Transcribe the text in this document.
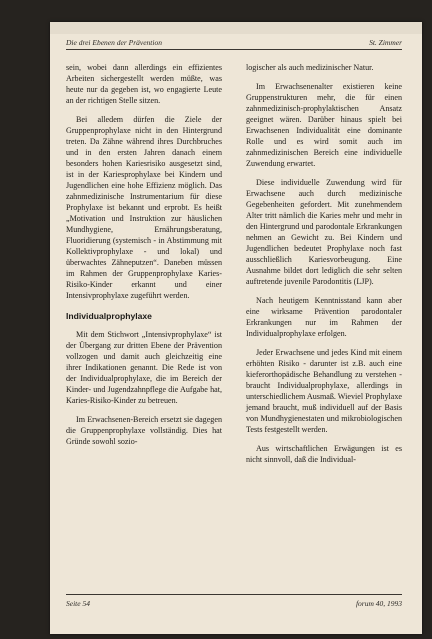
Die drei Ebenen der Prävention	St. Zimmer

sein, wobei dann allerdings ein effizientes Arbeiten sichergestellt werden müßte, was heute nur da gegeben ist, wo engagierte Leute an der richtigen Stelle sitzen.

Bei alledem dürfen die Ziele der Gruppenprophylaxe nicht in den Hintergrund treten. Da Zähne während ihres Durchbruches und in den ersten Jahren danach einem besonders hohen Kariesrisiko ausgesetzt sind, ist in der Kariesprophylaxe bei Kindern und Jugendlichen eine hohe Effizienz möglich. Das zahnmedizinische Instrumentarium für diese Prophylaxe ist bekannt und erprobt. Es heißt „Motivation und Instruktion zur häuslichen Mundhygiene, Ernährungsberatung, Fluoridierung (systemisch - in Abstimmung mit Kollektivprophylaxe - und lokal) und überwachtes Zähneputzen“. Daneben müssen im Rahmen der Gruppenprophylaxe Karies-Risiko-Kinder erkannt und einer Intensivprophylaxe zugeführt werden.

Individualprophylaxe

Mit dem Stichwort „Intensivprophylaxe“ ist der Übergang zur dritten Ebene der Prävention vollzogen und damit auch gleichzeitig eine ihrer Indikationen genannt. Die Rede ist von der Individualprophylaxe, die im Bereich der Kinder- und Jugendzahnpflege die Aufgabe hat, Karies-Risiko-Kinder zu betreuen.

Im Erwachsenen-Bereich ersetzt sie dagegen die Gruppenprophylaxe vollständig. Dies hat Gründe sowohl sozio-

logischer als auch medizinischer Natur.

Im Erwachsenenalter existieren keine Gruppenstrukturen mehr, die für einen zahnmedizinisch-prophylaktischen Ansatz geeignet wären. Darüber hinaus spielt bei Erwachsenen Individualität eine dominante Rolle und es wird somit auch im zahnmedizinischen Bereich eine individuelle Zuwendung erwartet.

Diese individuelle Zuwendung wird für Erwachsene auch durch medizinische Gegebenheiten gefordert. Mit zunehmendem Alter tritt nämlich die Karies mehr und mehr in den Hintergrund und parodontale Erkrankungen nehmen an Gewicht zu. Bei Kindern und Jugendlichen bedeutet Prophylaxe noch fast ausschließlich Kariesvorbeugung. Eine Ausnahme bildet dort lediglich die sehr selten auftretende juvenile Parodontitis (LJP).

Nach heutigem Kenntnisstand kann aber eine wirksame Prävention parodontaler Erkrankungen nur im Rahmen der Individualprophylaxe erfolgen.

Jeder Erwachsene und jedes Kind mit einem erhöhten Risiko - darunter ist z.B. auch eine kieferorthopädische Behandlung zu verstehen - braucht Individualprophylaxe, allerdings in unterschiedlichem Ausmaß. Wieviel Prophylaxe jemand braucht, muß individuell auf der Basis von Mundhygienestaten und mikrobiologischen Tests festgestellt werden.

Aus wirtschaftlichen Erwägungen ist es nicht sinnvoll, daß die Individual-

Seite 54	forum 40, 1993
